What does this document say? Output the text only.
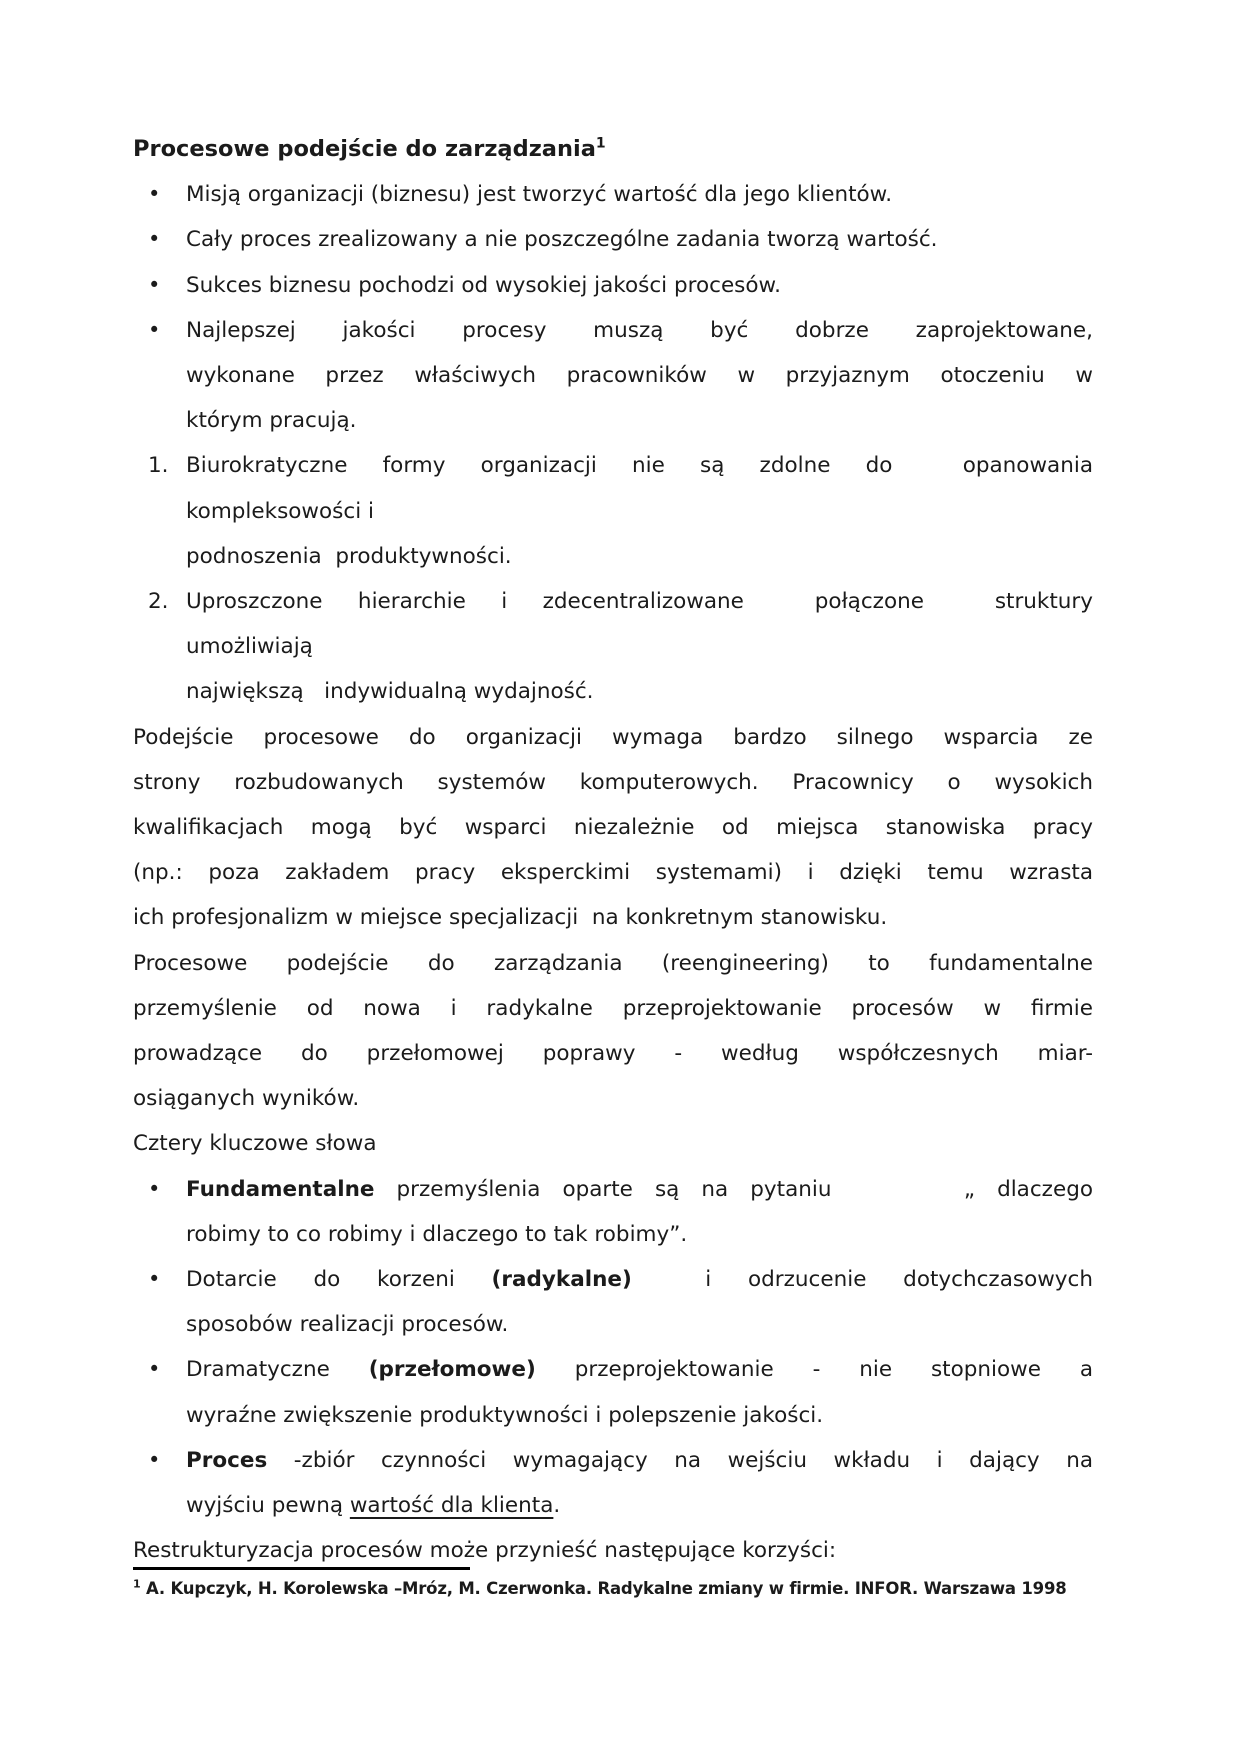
Procesowe podejście do zarządzania$^1$
• Misją organizacji (biznesu) jest tworzyć wartość dla jego klientów.
• Cały proces zrealizowany a nie poszczególne zadania tworzą wartość.
• Sukces biznesu pochodzi od wysokiej jakości procesów.
• Najlepszej jakości procesy muszą być dobrze zaprojektowane,
wykonane przez właściwych pracowników w przyjaznym otoczeniu w
którym pracują.
1. Biurokratyczne formy organizacji nie są zdolne do  opanowania
kompleksowości i
podnoszenia  produktywności.
2. Uproszczone hierarchie i zdecentralizowane  połączone  struktury
umożliwiają
największą   indywidualną wydajność.
Podejście procesowe do organizacji wymaga bardzo silnego wsparcia ze
strony rozbudowanych systemów komputerowych. Pracownicy o wysokich
kwalifikacjach mogą być wsparci niezależnie od miejsca stanowiska pracy
(np.: poza zakładem pracy eksperckimi systemami) i dzięki temu wzrasta
ich profesjonalizm w miejsce specjalizacji  na konkretnym stanowisku.
Procesowe podejście do zarządzania (reengineering) to fundamentalne
przemyślenie od nowa i radykalne przeprojektowanie procesów w firmie
prowadzące do przełomowej poprawy - według współczesnych miar-
osiąganych wyników.
Cztery kluczowe słowa
• Fundamentalne przemyślenia oparte są na pytaniu      „ dlaczego
robimy to co robimy i dlaczego to tak robimy”.
• Dotarcie do korzeni (radykalne)  i odrzucenie dotychczasowych
sposobów realizacji procesów.
• Dramatyczne (przełomowe) przeprojektowanie - nie stopniowe a
wyraźne zwiększenie produktywności i polepszenie jakości.
• Proces -zbiór czynności wymagający na wejściu wkładu i dający na
wyjściu pewną wartość dla klienta.
Restrukturyzacja procesów może przynieść następujące korzyści:
$^1$ A. Kupczyk, H. Korolewska –Mróz, M. Czerwonka. Radykalne zmiany w firmie. INFOR. Warszawa 1998
